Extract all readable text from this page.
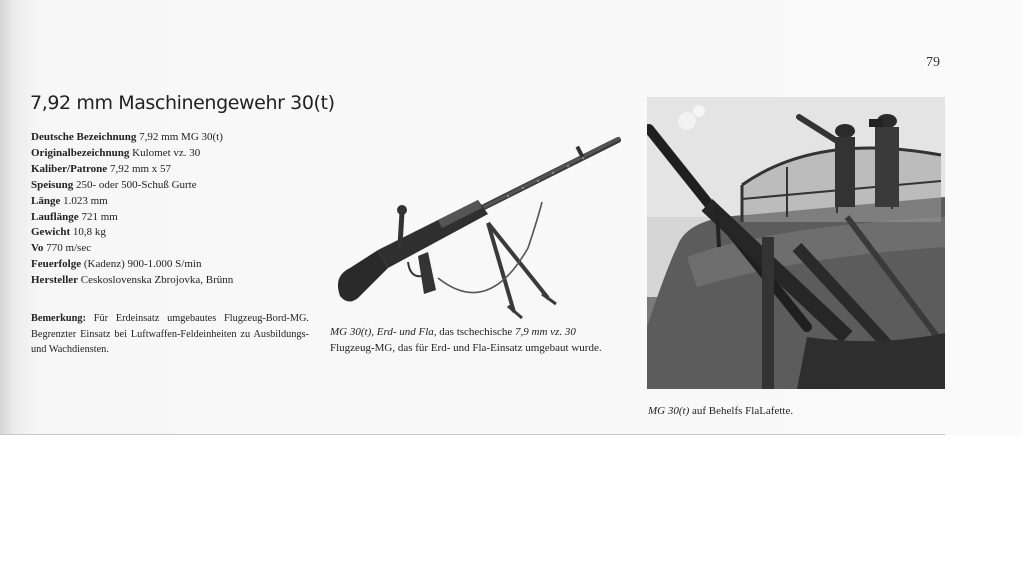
79
7,92 mm Maschinengewehr 30(t)
Deutsche Bezeichnung 7,92 mm MG 30(t)
Originalbezeichnung Kulomet vz. 30
Kaliber/Patrone 7,92 mm x 57
Speisung 250- oder 500-Schuß Gurte
Länge 1.023 mm
Lauflänge 721 mm
Gewicht 10,8 kg
Vo 770 m/sec
Feuerfolge (Kadenz) 900-1.000 S/min
Hersteller Ceskoslovenska Zbrojovka, Brünn
Bemerkung: Für Erdeinsatz umgebautes Flugzeug-Bord-MG. Begrenzter Einsatz bei Luftwaffen-Feldeinheiten zu Ausbildungs- und Wachdiensten.
MG 30(t), Erd- und Fla, das tschechische 7,9 mm vz. 30 Flugzeug-MG, das für Erd- und Fla-Einsatz umgebaut wurde.
MG 30(t) auf Behelfs FlaLafette.
